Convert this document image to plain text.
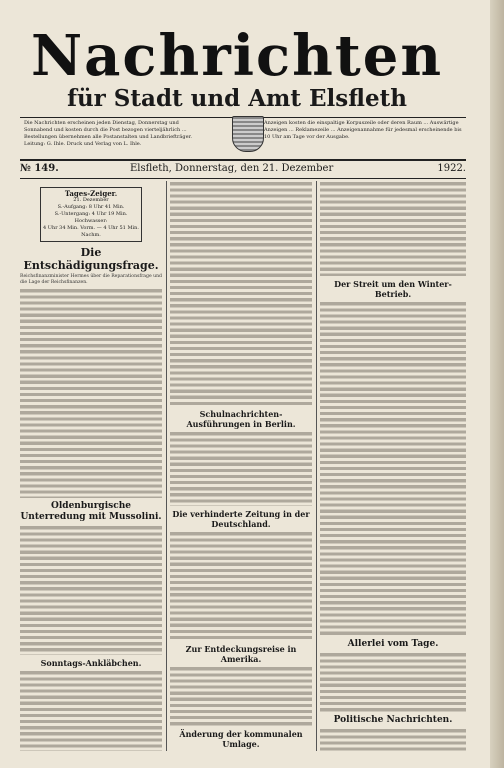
Nachrichten
für Stadt und Amt Elsfleth
Die Nachrichten erscheinen jeden Dienstag, Donnerstag und Sonnabend und kosten durch die Post bezogen vierteljährlich ... Bestellungen übernehmen alle Postanstalten und Landbriefträger. Leitung: G. Ihle. Druck und Verlag von L. Ihle.
Anzeigen kosten die einspaltige Korpuszeile oder deren Raum ... Auswärtige Anzeigen ... Reklamezeile ... Anzeigenannahme für jedesmal erscheinende bis 10 Uhr am Tage vor der Ausgabe.
№ 149.	Elsfleth, Donnerstag, den 21. Dezember	1922.
Tages-Zeiger.
21. Dezember
S.-Aufgang: 8 Uhr 41 Min.
S.-Untergang: 4 Uhr 19 Min.
Hochwasser:
4 Uhr 34 Min. Vorm. — 4 Uhr 51 Min. Nachm.
Die Entschädigungsfrage.
Reichsfinanzminister Hermes über die Reparationsfrage und die Lage der Reichsfinanzen.
Oldenburgische Unterredung mit Mussolini.
Sonntags-Ankläbchen.
Schulnachrichten-Ausführungen in Berlin.
Die verhinderte Zeitung in der Deutschland.
Zur Entdeckungsreise in Amerika.
Änderung der kommunalen Umlage.
Der Streit um den Winter-Betrieb.
Allerlei vom Tage.
Politische Nachrichten.
